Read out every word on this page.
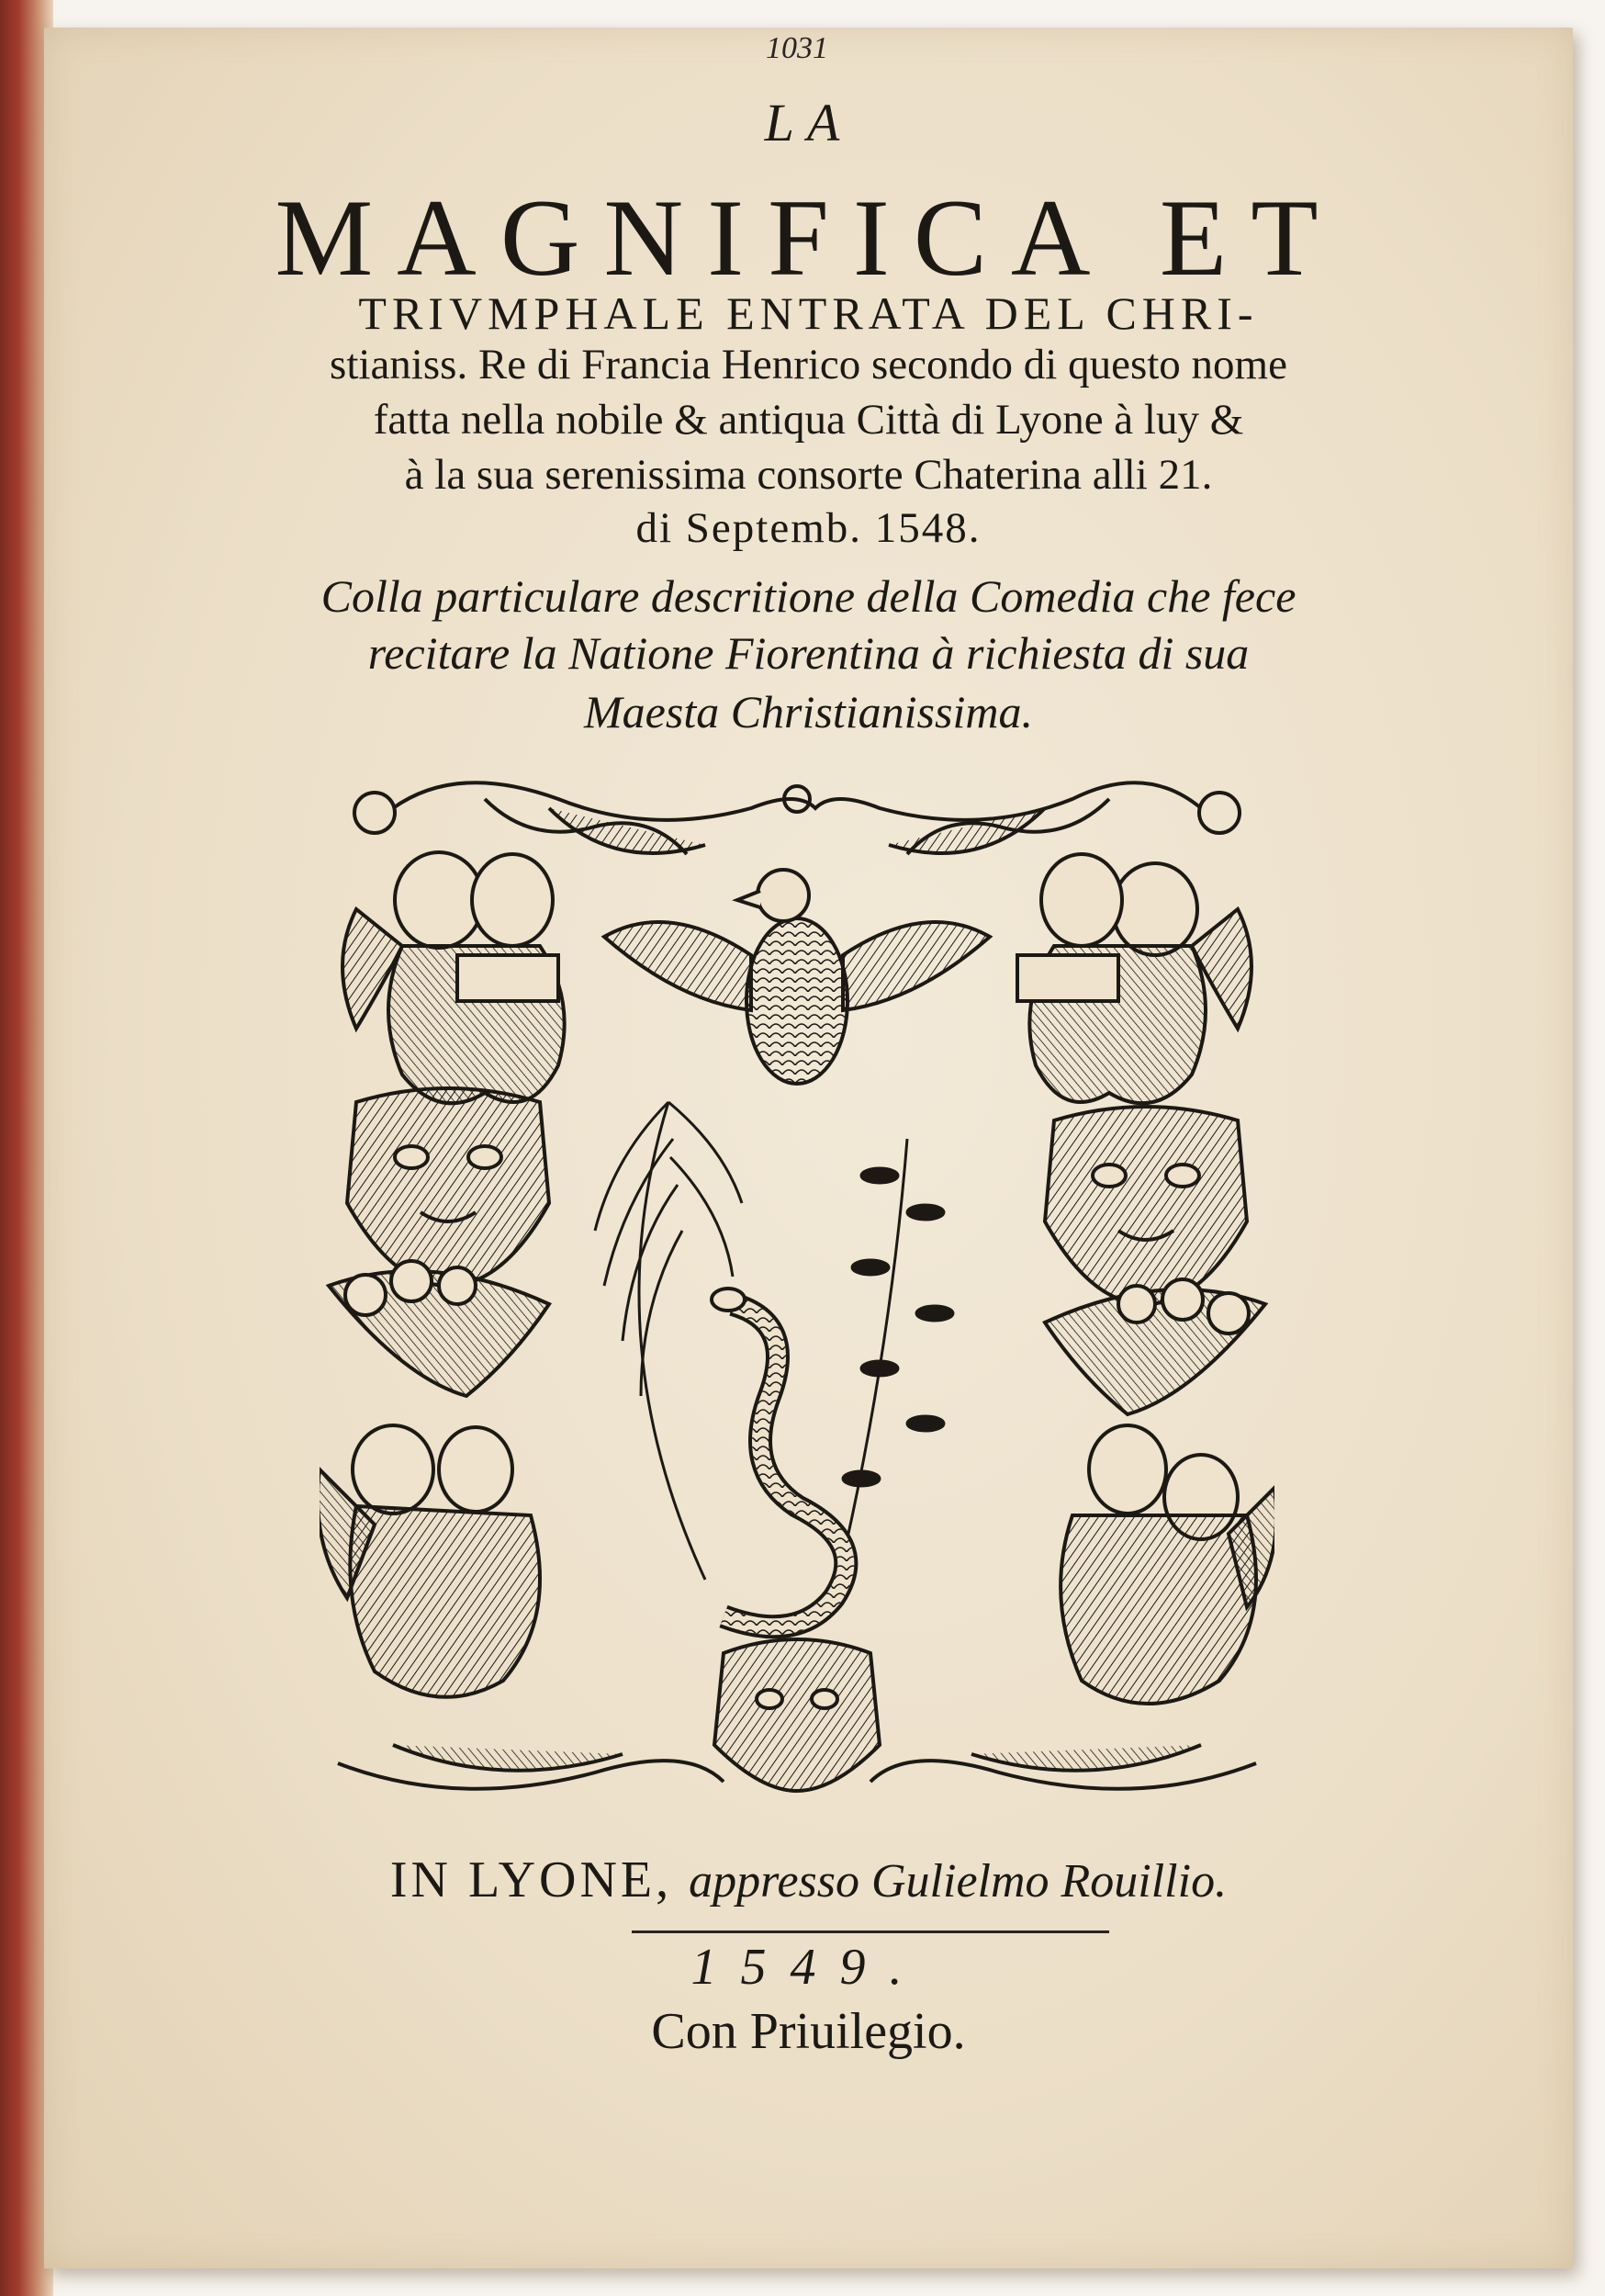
1031
LA
MAGNIFICA ET
TRIVMPHALE ENTRATA DEL CHRI-
stianiss. Re di Francia Henrico secondo di questo nome
fatta nella nobile & antiqua Città di Lyone à luy &
à la sua serenissima consorte Chaterina alli 21.
di Septemb. 1548.
Colla particulare descritione della Comedia che fece
recitare la Natione Fiorentina à richiesta di sua
Maesta Christianissima.
IN LYONE, appresso Gulielmo Rouillio.
1549.
Con Priuilegio.
